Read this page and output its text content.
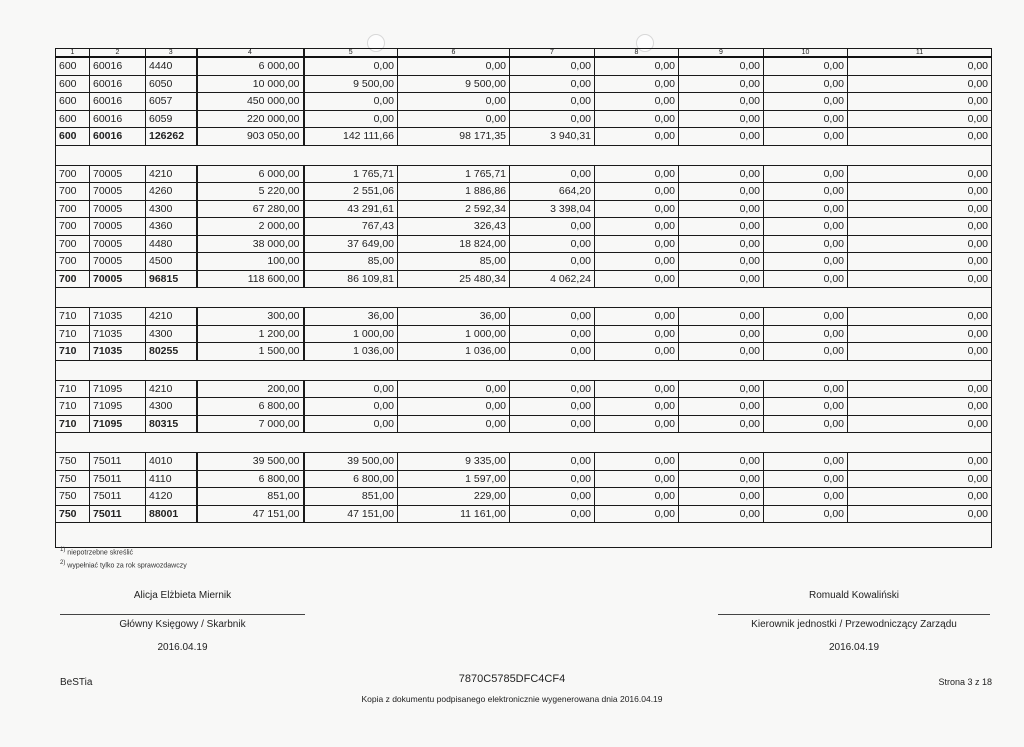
1	2	3	4	5	6	7	8	9	10	11
600	60016	4440	6 000,00	0,00	0,00	0,00	0,00	0,00	0,00	0,00
600	60016	6050	10 000,00	9 500,00	9 500,00	0,00	0,00	0,00	0,00	0,00
600	60016	6057	450 000,00	0,00	0,00	0,00	0,00	0,00	0,00	0,00
600	60016	6059	220 000,00	0,00	0,00	0,00	0,00	0,00	0,00	0,00
600	60016	126262	903 050,00	142 111,66	98 171,35	3 940,31	0,00	0,00	0,00	0,00

700	70005	4210	6 000,00	1 765,71	1 765,71	0,00	0,00	0,00	0,00	0,00
700	70005	4260	5 220,00	2 551,06	1 886,86	664,20	0,00	0,00	0,00	0,00
700	70005	4300	67 280,00	43 291,61	2 592,34	3 398,04	0,00	0,00	0,00	0,00
700	70005	4360	2 000,00	767,43	326,43	0,00	0,00	0,00	0,00	0,00
700	70005	4480	38 000,00	37 649,00	18 824,00	0,00	0,00	0,00	0,00	0,00
700	70005	4500	100,00	85,00	85,00	0,00	0,00	0,00	0,00	0,00
700	70005	96815	118 600,00	86 109,81	25 480,34	4 062,24	0,00	0,00	0,00	0,00

710	71035	4210	300,00	36,00	36,00	0,00	0,00	0,00	0,00	0,00
710	71035	4300	1 200,00	1 000,00	1 000,00	0,00	0,00	0,00	0,00	0,00
710	71035	80255	1 500,00	1 036,00	1 036,00	0,00	0,00	0,00	0,00	0,00

710	71095	4210	200,00	0,00	0,00	0,00	0,00	0,00	0,00	0,00
710	71095	4300	6 800,00	0,00	0,00	0,00	0,00	0,00	0,00	0,00
710	71095	80315	7 000,00	0,00	0,00	0,00	0,00	0,00	0,00	0,00

750	75011	4010	39 500,00	39 500,00	9 335,00	0,00	0,00	0,00	0,00	0,00
750	75011	4110	6 800,00	6 800,00	1 597,00	0,00	0,00	0,00	0,00	0,00
750	75011	4120	851,00	851,00	229,00	0,00	0,00	0,00	0,00	0,00
750	75011	88001	47 151,00	47 151,00	11 161,00	0,00	0,00	0,00	0,00	0,00

$^{1)}$ niepotrzebne skreślić
$^{2)}$ wypełniać tylko za rok sprawozdawczy
Alicja Elżbieta Miernik
Główny Księgowy / Skarbnik
2016.04.19
Romuald Kowaliński
Kierownik jednostki / Przewodniczący Zarządu
2016.04.19
BeSTia	7870C5785DFC4CF4
Kopia z dokumentu podpisanego elektronicznie wygenerowana dnia 2016.04.19
Strona 3 z 18
